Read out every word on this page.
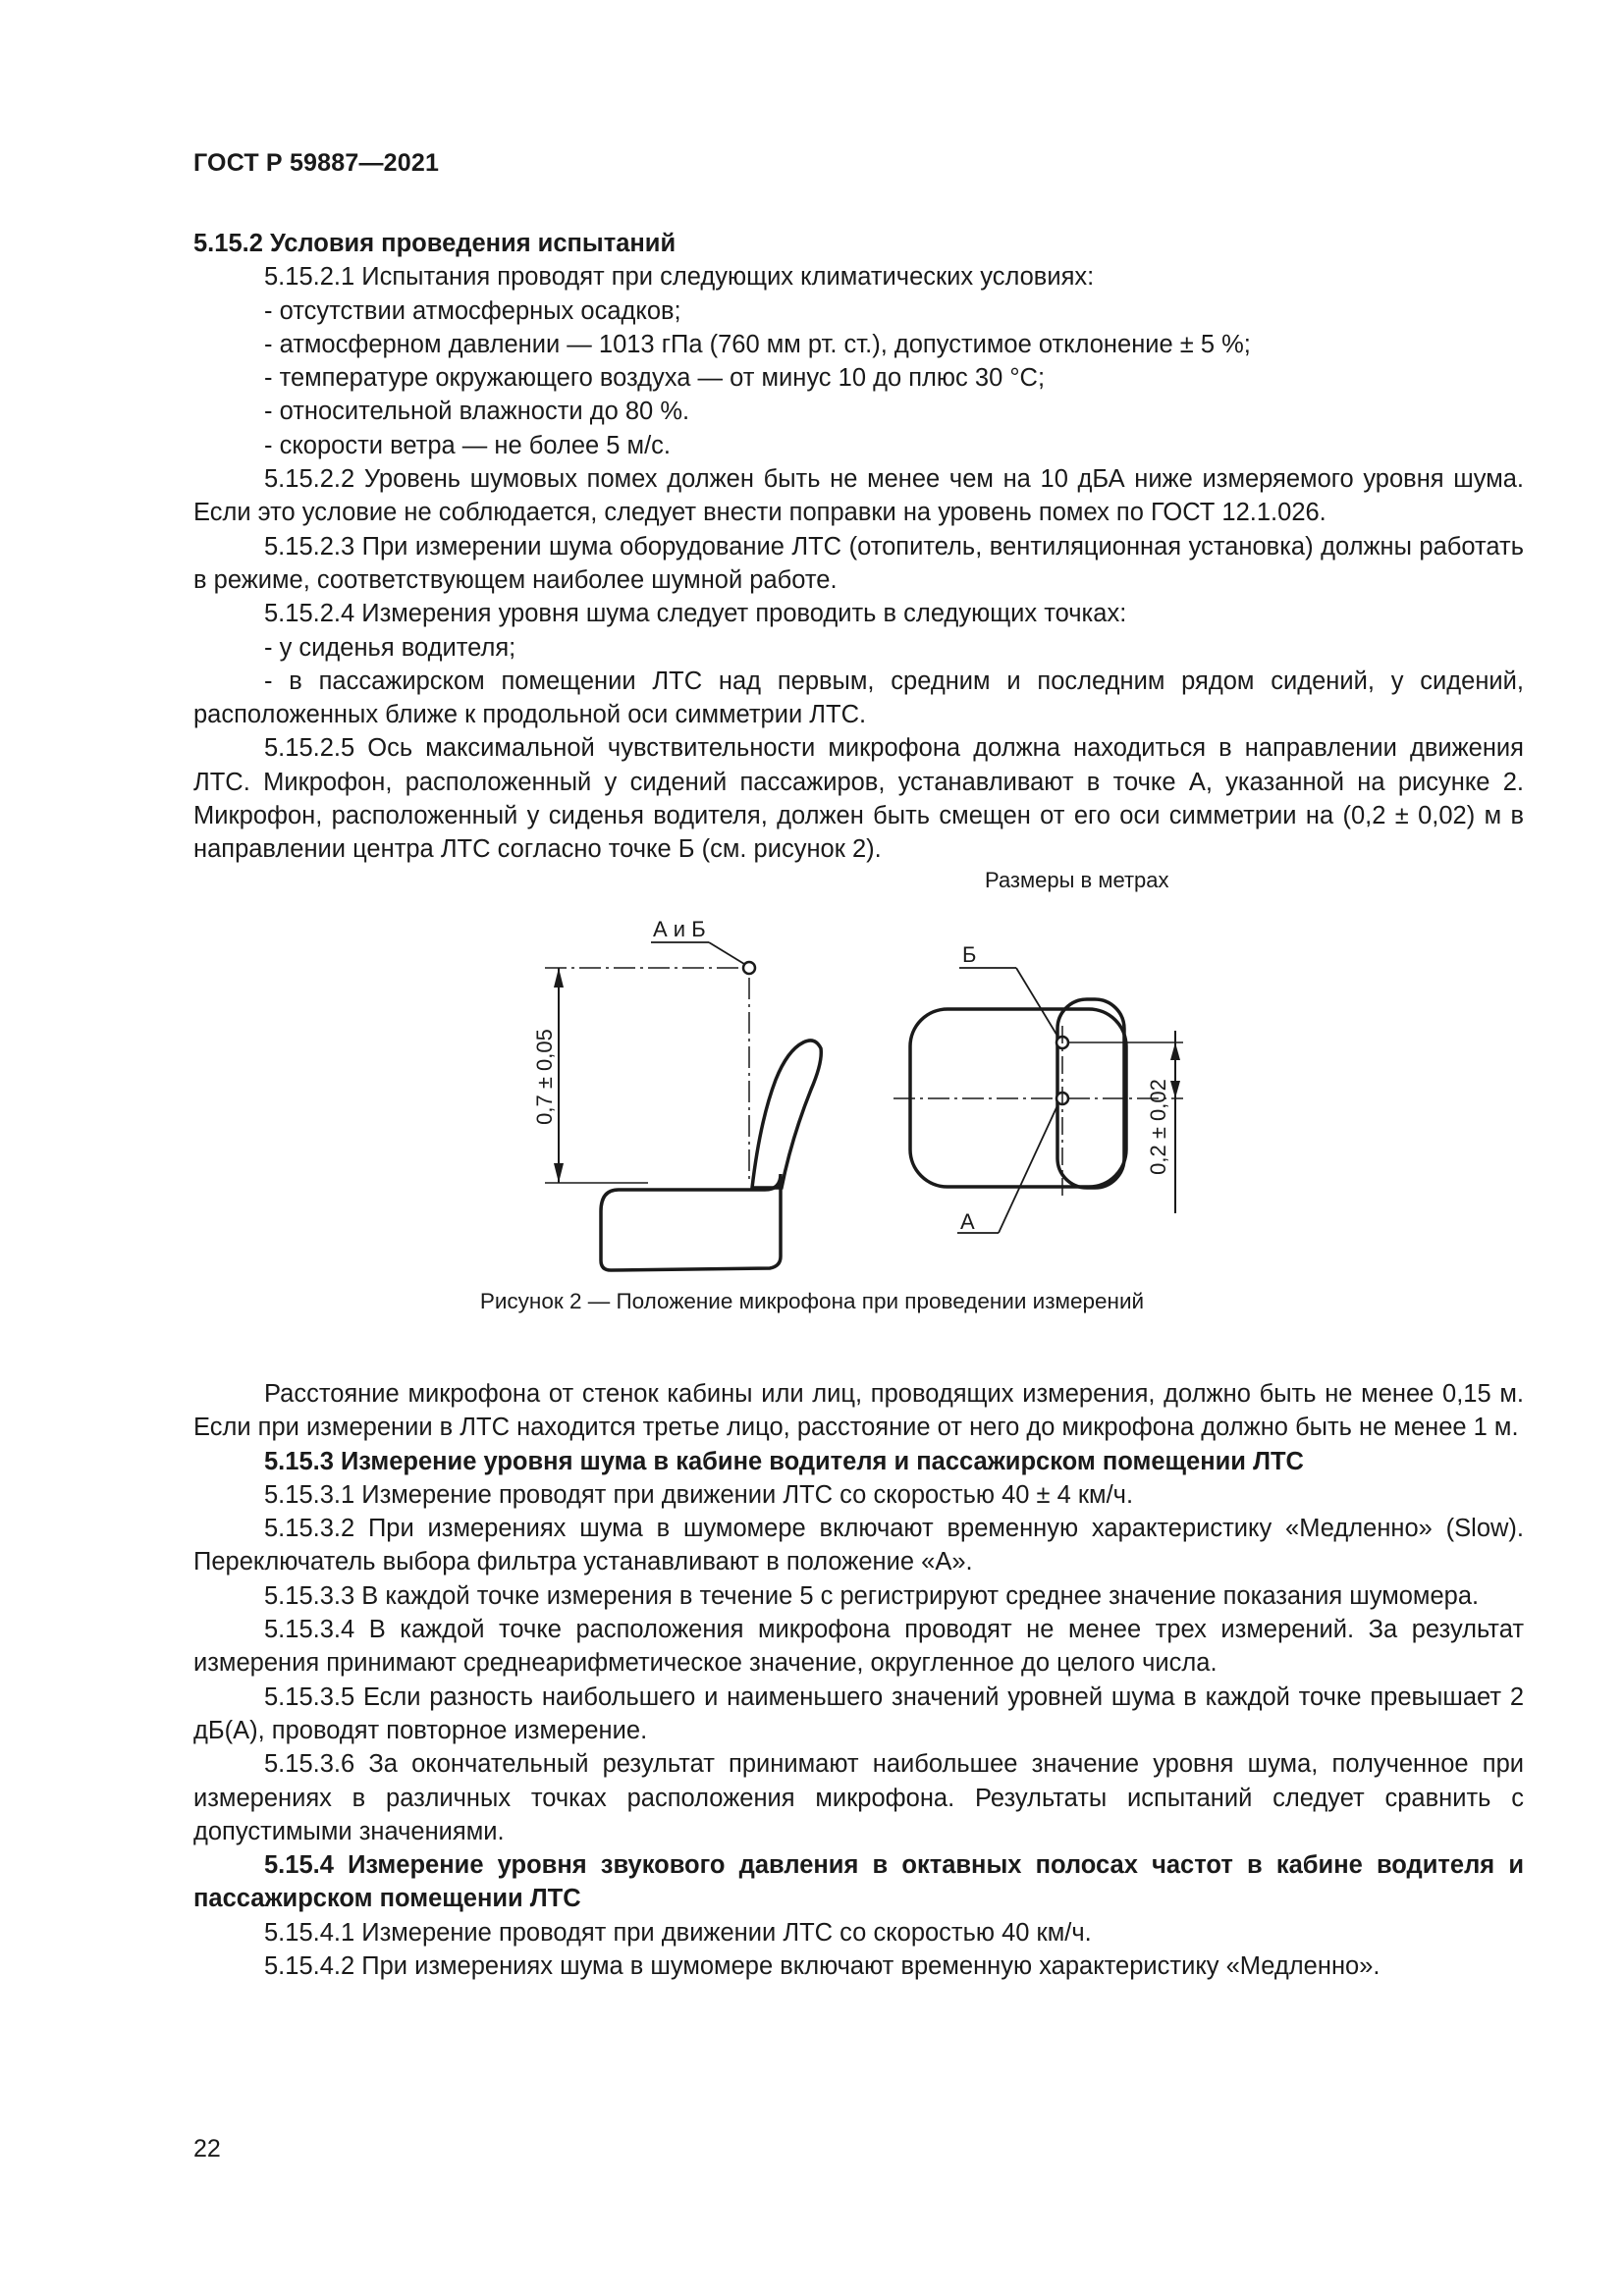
ГОСТ Р 59887—2021

5.15.2 Условия проведения испытаний

5.15.2.1 Испытания проводят при следующих климатических условиях:

- отсутствии атмосферных осадков;

- атмосферном давлении — 1013 гПа (760 мм рт. ст.), допустимое отклонение ± 5 %;

- температуре окружающего воздуха — от минус 10 до плюс 30 °С;

- относительной влажности до 80 %.

- скорости ветра — не более 5 м/с.

5.15.2.2 Уровень шумовых помех должен быть не менее чем на 10 дБА ниже измеряемого уровня шума. Если это условие не соблюдается, следует внести поправки на уровень помех по ГОСТ 12.1.026.

5.15.2.3 При измерении шума оборудование ЛТС (отопитель, вентиляционная установка) должны работать в режиме, соответствующем наиболее шумной работе.

5.15.2.4 Измерения уровня шума следует проводить в следующих точках:

- у сиденья водителя;

- в пассажирском помещении ЛТС над первым, средним и последним рядом сидений, у сидений, расположенных ближе к продольной оси симметрии ЛТС.

5.15.2.5 Ось максимальной чувствительности микрофона должна находиться в направлении движения ЛТС. Микрофон, расположенный у сидений пассажиров, устанавливают в точке А, указанной на рисунке 2. Микрофон, расположенный у сиденья водителя, должен быть смещен от его оси симметрии на (0,2 ± 0,02) м в направлении центра ЛТС согласно точке Б (см. рисунок 2).

Размеры в метрах
А и Б
0,7 ± 0,05
Б
А
0,2 ± 0,02
Рисунок 2 — Положение микрофона при проведении измерений

Расстояние микрофона от стенок кабины или лиц, проводящих измерения, должно быть не менее 0,15 м. Если при измерении в ЛТС находится третье лицо, расстояние от него до микрофона должно быть не менее 1 м.

5.15.3 Измерение уровня шума в кабине водителя и пассажирском помещении ЛТС

5.15.3.1 Измерение проводят при движении ЛТС со скоростью 40 ± 4 км/ч.

5.15.3.2 При измерениях шума в шумомере включают временную характеристику «Медленно» (Slow). Переключатель выбора фильтра устанавливают в положение «А».

5.15.3.3 В каждой точке измерения в течение 5 с регистрируют среднее значение показания шумомера.

5.15.3.4 В каждой точке расположения микрофона проводят не менее трех измерений. За результат измерения принимают среднеарифметическое значение, округленное до целого числа.

5.15.3.5 Если разность наибольшего и наименьшего значений уровней шума в каждой точке превышает 2 дБ(А), проводят повторное измерение.

5.15.3.6 За окончательный результат принимают наибольшее значение уровня шума, полученное при измерениях в различных точках расположения микрофона. Результаты испытаний следует сравнить с допустимыми значениями.

5.15.4 Измерение уровня звукового давления в октавных полосах частот в кабине водителя и пассажирском помещении ЛТС

5.15.4.1 Измерение проводят при движении ЛТС со скоростью 40 км/ч.

5.15.4.2 При измерениях шума в шумомере включают временную характеристику «Медленно».

22
